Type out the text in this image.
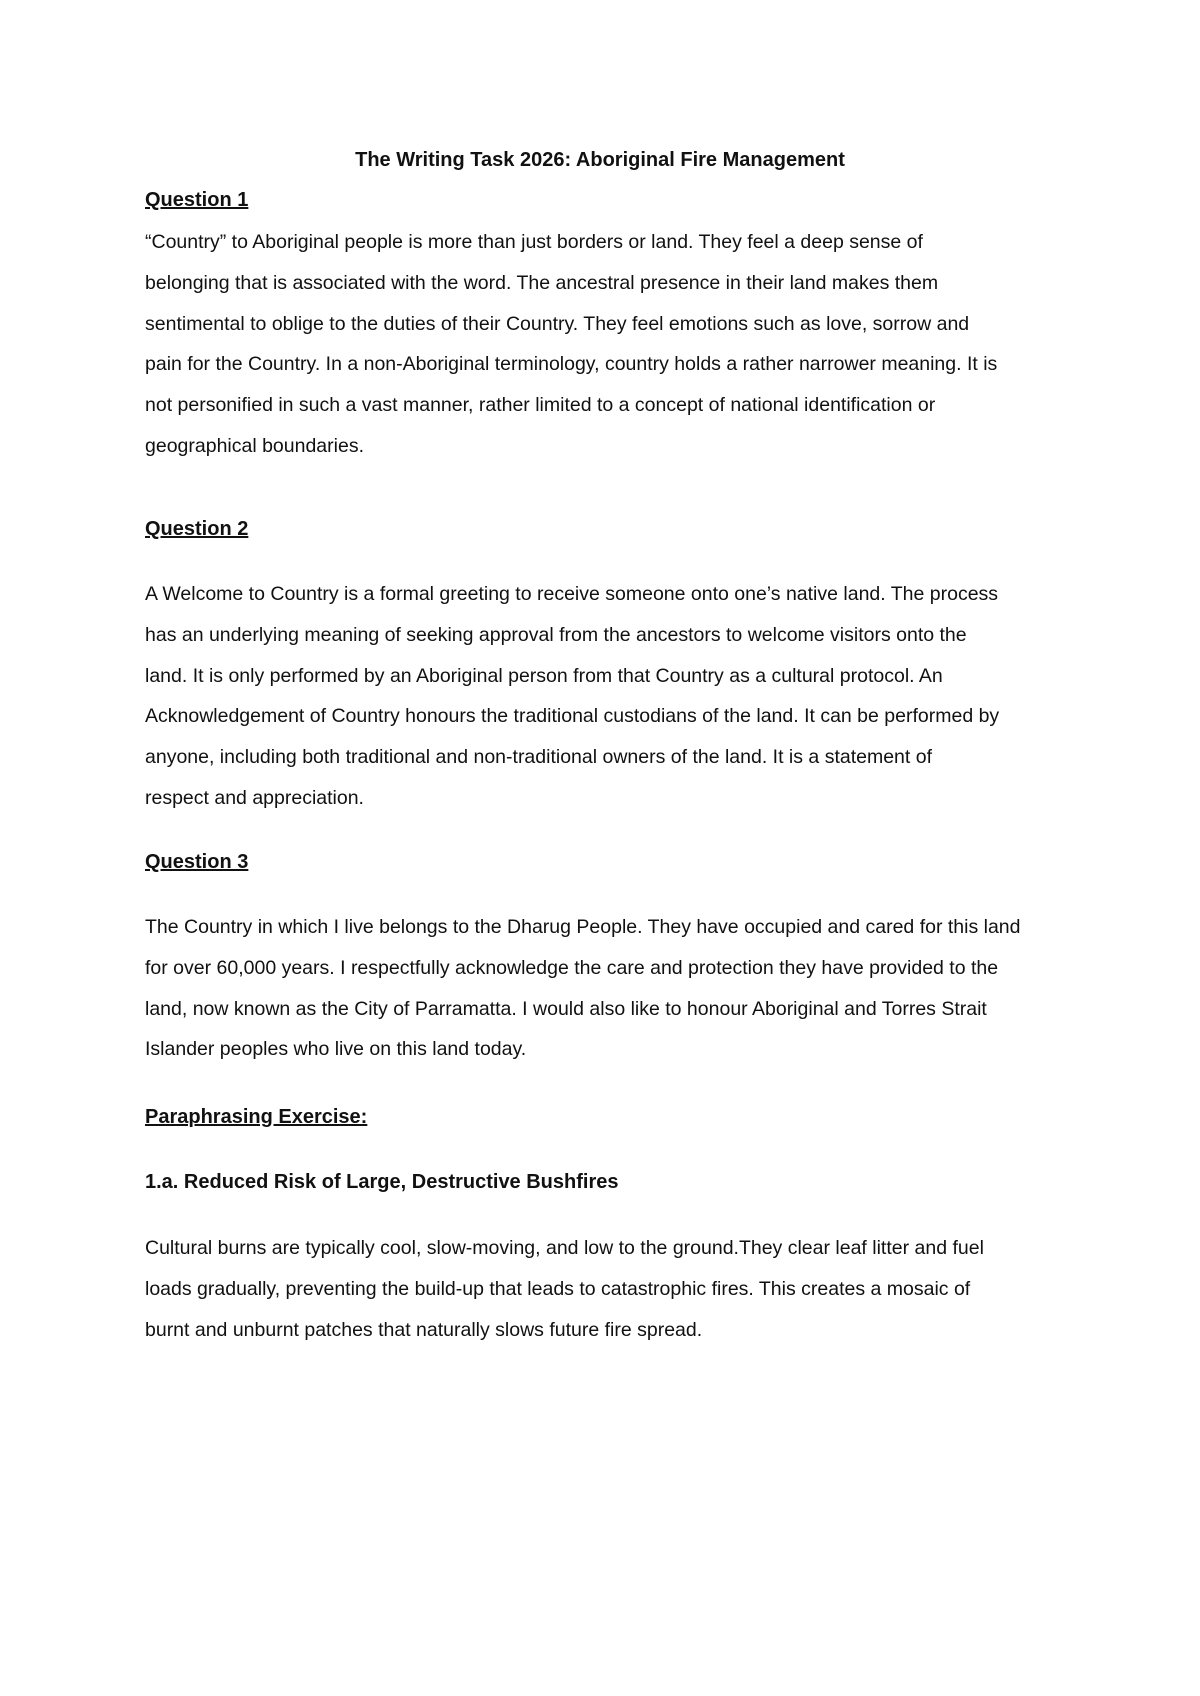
The Writing Task 2026: Aboriginal Fire Management
Question 1
“Country” to Aboriginal people is more than just borders or land. They feel a deep sense of
belonging that is associated with the word. The ancestral presence in their land makes them
sentimental to oblige to the duties of their Country. They feel emotions such as love, sorrow and
pain for the Country. In a non-Aboriginal terminology, country holds a rather narrower meaning. It is
not personified in such a vast manner, rather limited to a concept of national identification or
geographical boundaries.
Question 2
A Welcome to Country is a formal greeting to receive someone onto one’s native land. The process
has an underlying meaning of seeking approval from the ancestors to welcome visitors onto the
land. It is only performed by an Aboriginal person from that Country as a cultural protocol. An
Acknowledgement of Country honours the traditional custodians of the land. It can be performed by
anyone, including both traditional and non-traditional owners of the land. It is a statement of
respect and appreciation.
Question 3
The Country in which I live belongs to the Dharug People. They have occupied and cared for this land
for over 60,000 years. I respectfully acknowledge the care and protection they have provided to the
land, now known as the City of Parramatta. I would also like to honour Aboriginal and Torres Strait
Islander peoples who live on this land today.
Paraphrasing Exercise:
1.a. Reduced Risk of Large, Destructive Bushfires
Cultural burns are typically cool, slow-moving, and low to the ground.They clear leaf litter and fuel
loads gradually, preventing the build-up that leads to catastrophic fires. This creates a mosaic of
burnt and unburnt patches that naturally slows future fire spread.
